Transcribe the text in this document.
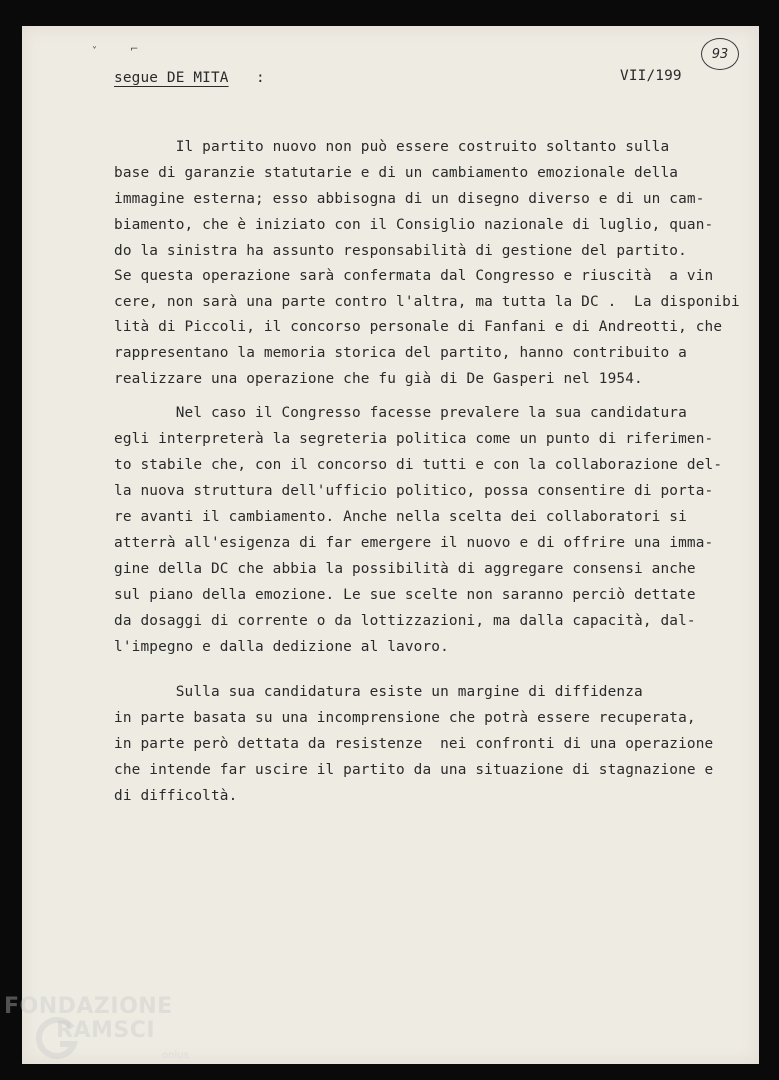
˅	⌐
segue DE MITA :	VII/199
93
Il partito nuovo non può essere costruito soltanto sulla
base di garanzie statutarie e di un cambiamento emozionale della
immagine esterna; esso abbisogna di un disegno diverso e di un cam-
biamento, che è iniziato con il Consiglio nazionale di luglio, quan-
do la sinistra ha assunto responsabilità di gestione del partito.
Se questa operazione sarà confermata dal Congresso e riuscità  a vin
cere, non sarà una parte contro l'altra, ma tutta la DC .  La disponibi
lità di Piccoli, il concorso personale di Fanfani e di Andreotti, che
rappresentano la memoria storica del partito, hanno contribuito a
realizzare una operazione che fu già di De Gasperi nel 1954.
Nel caso il Congresso facesse prevalere la sua candidatura
egli interpreterà la segreteria politica come un punto di riferimen-
to stabile che, con il concorso di tutti e con la collaborazione del-
la nuova struttura dell'ufficio politico, possa consentire di porta-
re avanti il cambiamento. Anche nella scelta dei collaboratori si
atterrà all'esigenza di far emergere il nuovo e di offrire una imma-
gine della DC che abbia la possibilità di aggregare consensi anche
sul piano della emozione. Le sue scelte non saranno perciò dettate
da dosaggi di corrente o da lottizzazioni, ma dalla capacità, dal-
l'impegno e dalla dedizione al lavoro.
Sulla sua candidatura esiste un margine di diffidenza
in parte basata su una incomprensione che potrà essere recuperata,
in parte però dettata da resistenze  nei confronti di una operazione
che intende far uscire il partito da una situazione di stagnazione e
di difficoltà.
FONDAZIONE
RAMSCI
onlus
